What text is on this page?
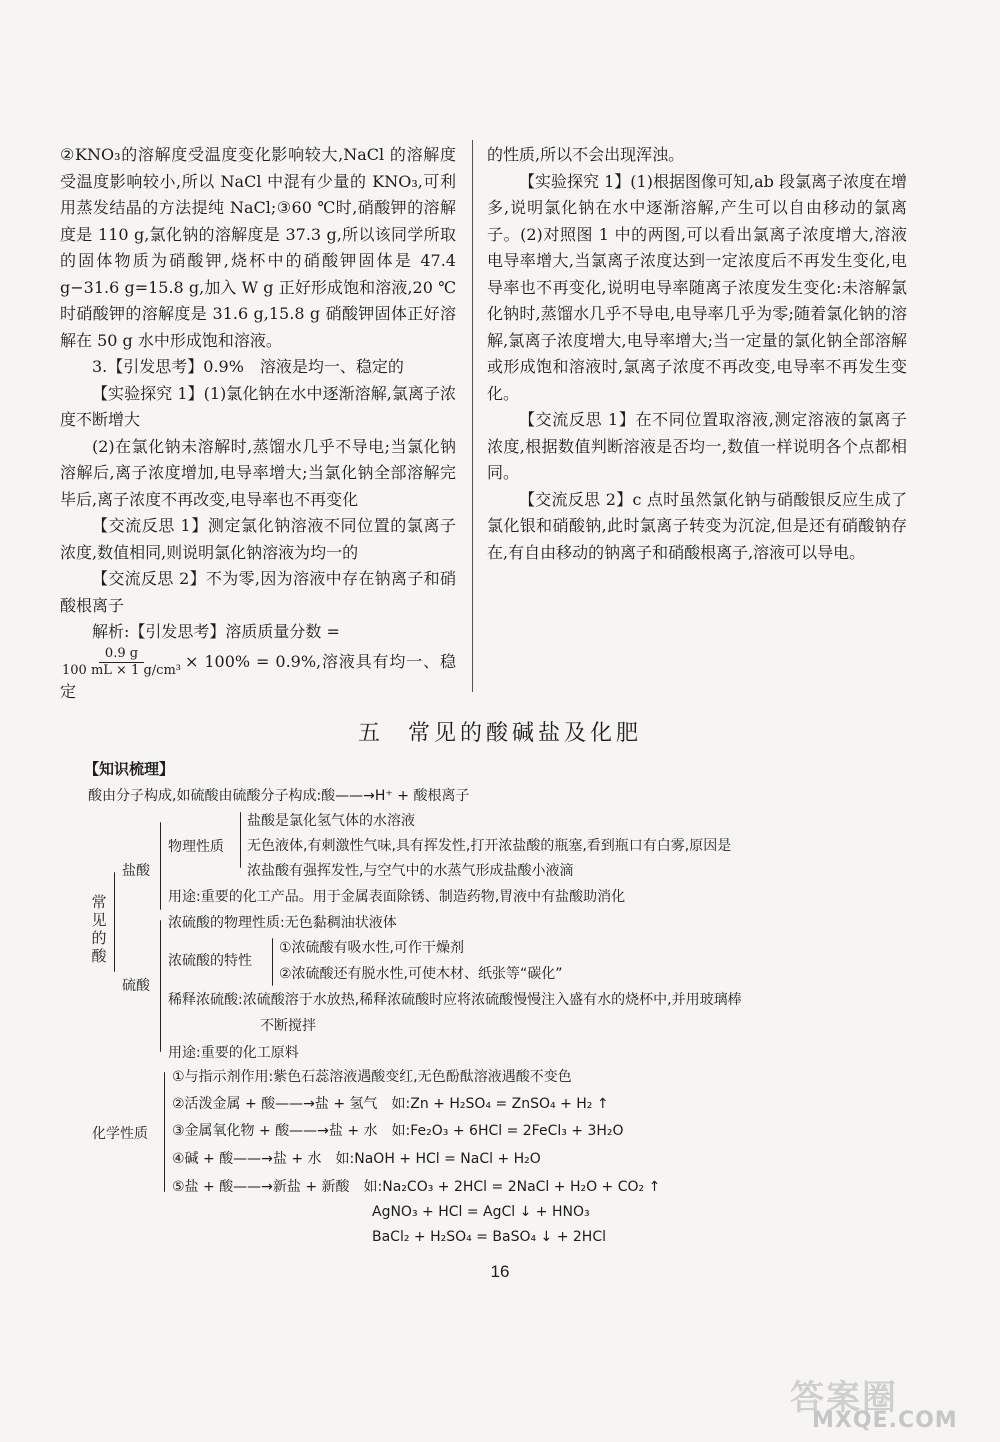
②KNO₃的溶解度受温度变化影响较大,NaCl 的溶解度受温度影响较小,所以 NaCl 中混有少量的 KNO₃,可利用蒸发结晶的方法提纯 NaCl;③60 ℃时,硝酸钾的溶解度是 110 g,氯化钠的溶解度是 37.3 g,所以该同学所取的固体物质为硝酸钾,烧杯中的硝酸钾固体是 47.4 g−31.6 g=15.8 g,加入 W g 正好形成饱和溶液,20 ℃时硝酸钾的溶解度是 31.6 g,15.8 g 硝酸钾固体正好溶解在 50 g 水中形成饱和溶液。

3.【引发思考】0.9%　溶液是均一、稳定的

【实验探究 1】(1)氯化钠在水中逐渐溶解,氯离子浓度不断增大

(2)在氯化钠未溶解时,蒸馏水几乎不导电;当氯化钠溶解后,离子浓度增加,电导率增大;当氯化钠全部溶解完毕后,离子浓度不再改变,电导率也不再变化

【交流反思 1】测定氯化钠溶液不同位置的氯离子浓度,数值相同,则说明氯化钠溶液为均一的

【交流反思 2】不为零,因为溶液中存在钠离子和硝酸根离子

解析:【引发思考】溶质质量分数 =

$\frac{0.9 g}{\text{100 mL × 1 g/cm³}} \times 100\% = 0.9\%$,溶液具有均一、稳定

的性质,所以不会出现浑浊。

【实验探究 1】(1)根据图像可知,ab 段氯离子浓度在增多,说明氯化钠在水中逐渐溶解,产生可以自由移动的氯离子。(2)对照图 1 中的两图,可以看出氯离子浓度增大,溶液电导率增大,当氯离子浓度达到一定浓度后不再发生变化,电导率也不再变化,说明电导率随离子浓度发生变化:未溶解氯化钠时,蒸馏水几乎不导电,电导率几乎为零;随着氯化钠的溶解,氯离子浓度增大,电导率增大;当一定量的氯化钠全部溶解或形成饱和溶液时,氯离子浓度不再改变,电导率不再发生变化。

【交流反思 1】在不同位置取溶液,测定溶液的氯离子浓度,根据数值判断溶液是否均一,数值一样说明各个点都相同。

【交流反思 2】c 点时虽然氯化钠与硝酸银反应生成了氯化银和硝酸钠,此时氯离子转变为沉淀,但是还有硝酸钠存在,有自由移动的钠离子和硝酸根离子,溶液可以导电。

五 常见的酸碱盐及化肥
【知识梳理】
酸由分子构成,如硫酸由硫酸分子构成:酸——→H⁺ + 酸根离子
常
见
的
酸
盐酸
物理性质
盐酸是氯化氢气体的水溶液
无色液体,有刺激性气味,具有挥发性,打开浓盐酸的瓶塞,看到瓶口有白雾,原因是
浓盐酸有强挥发性,与空气中的水蒸气形成盐酸小液滴
用途:重要的化工产品。用于金属表面除锈、制造药物,胃液中有盐酸助消化
硫酸
浓硫酸的物理性质:无色黏稠油状液体
浓硫酸的特性
①浓硫酸有吸水性,可作干燥剂
②浓硫酸还有脱水性,可使木材、纸张等“碳化”
稀释浓硫酸:浓硫酸溶于水放热,稀释浓硫酸时应将浓硫酸慢慢注入盛有水的烧杯中,并用玻璃棒
不断搅拌
用途:重要的化工原料
化学性质
①与指示剂作用:紫色石蕊溶液遇酸变红,无色酚酞溶液遇酸不变色
②活泼金属 + 酸——→盐 + 氢气　如:Zn + H₂SO₄ = ZnSO₄ + H₂ ↑
③金属氧化物 + 酸——→盐 + 水　如:Fe₂O₃ + 6HCl = 2FeCl₃ + 3H₂O
④碱 + 酸——→盐 + 水　如:NaOH + HCl = NaCl + H₂O
⑤盐 + 酸——→新盐 + 新酸　如:Na₂CO₃ + 2HCl = 2NaCl + H₂O + CO₂ ↑
AgNO₃ + HCl = AgCl ↓ + HNO₃
BaCl₂ + H₂SO₄ = BaSO₄ ↓ + 2HCl
16
答案圈
MXQE.COM
